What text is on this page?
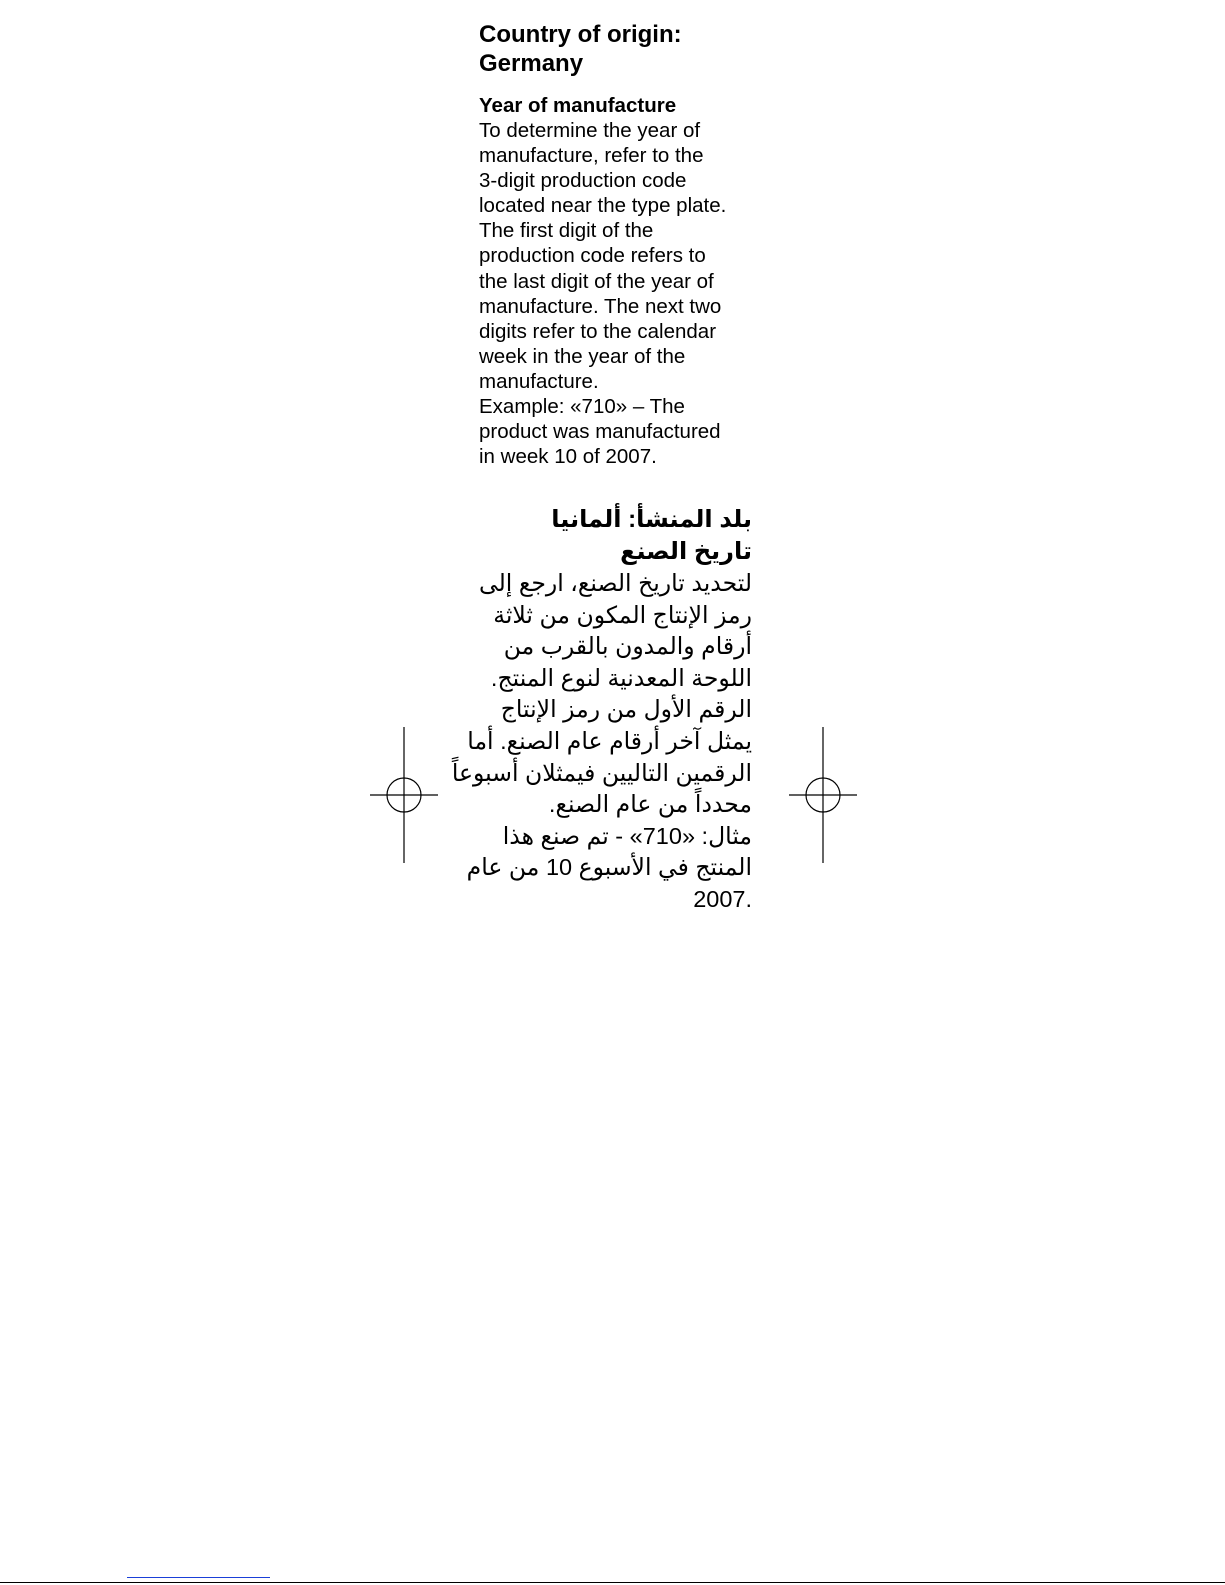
Country of origin:
Germany
Year of manufacture
To determine the year of
manufacture, refer to the
3-digit production code
located near the type plate.
The first digit of the
production code refers to
the last digit of the year of
manufacture. The next two
digits refer to the calendar
week in the year of the
manufacture.
Example: «710» – The
product was manufactured
in week 10 of 2007.
بلد المنشأ: ألمانيا
تاريخ الصنع
لتحديد تاريخ الصنع، ارجع إلى
رمز الإنتاج المكون من ثلاثة
أرقام والمدون بالقرب من
اللوحة المعدنية لنوع المنتج.
الرقم الأول من رمز الإنتاج
يمثل آخر أرقام عام الصنع. أما
الرقمين التاليين فيمثلان أسبوعاً
محدداً من عام الصنع.
مثال: «710» - تم صنع هذا
المنتج في الأسبوع 10 من عام
.2007
